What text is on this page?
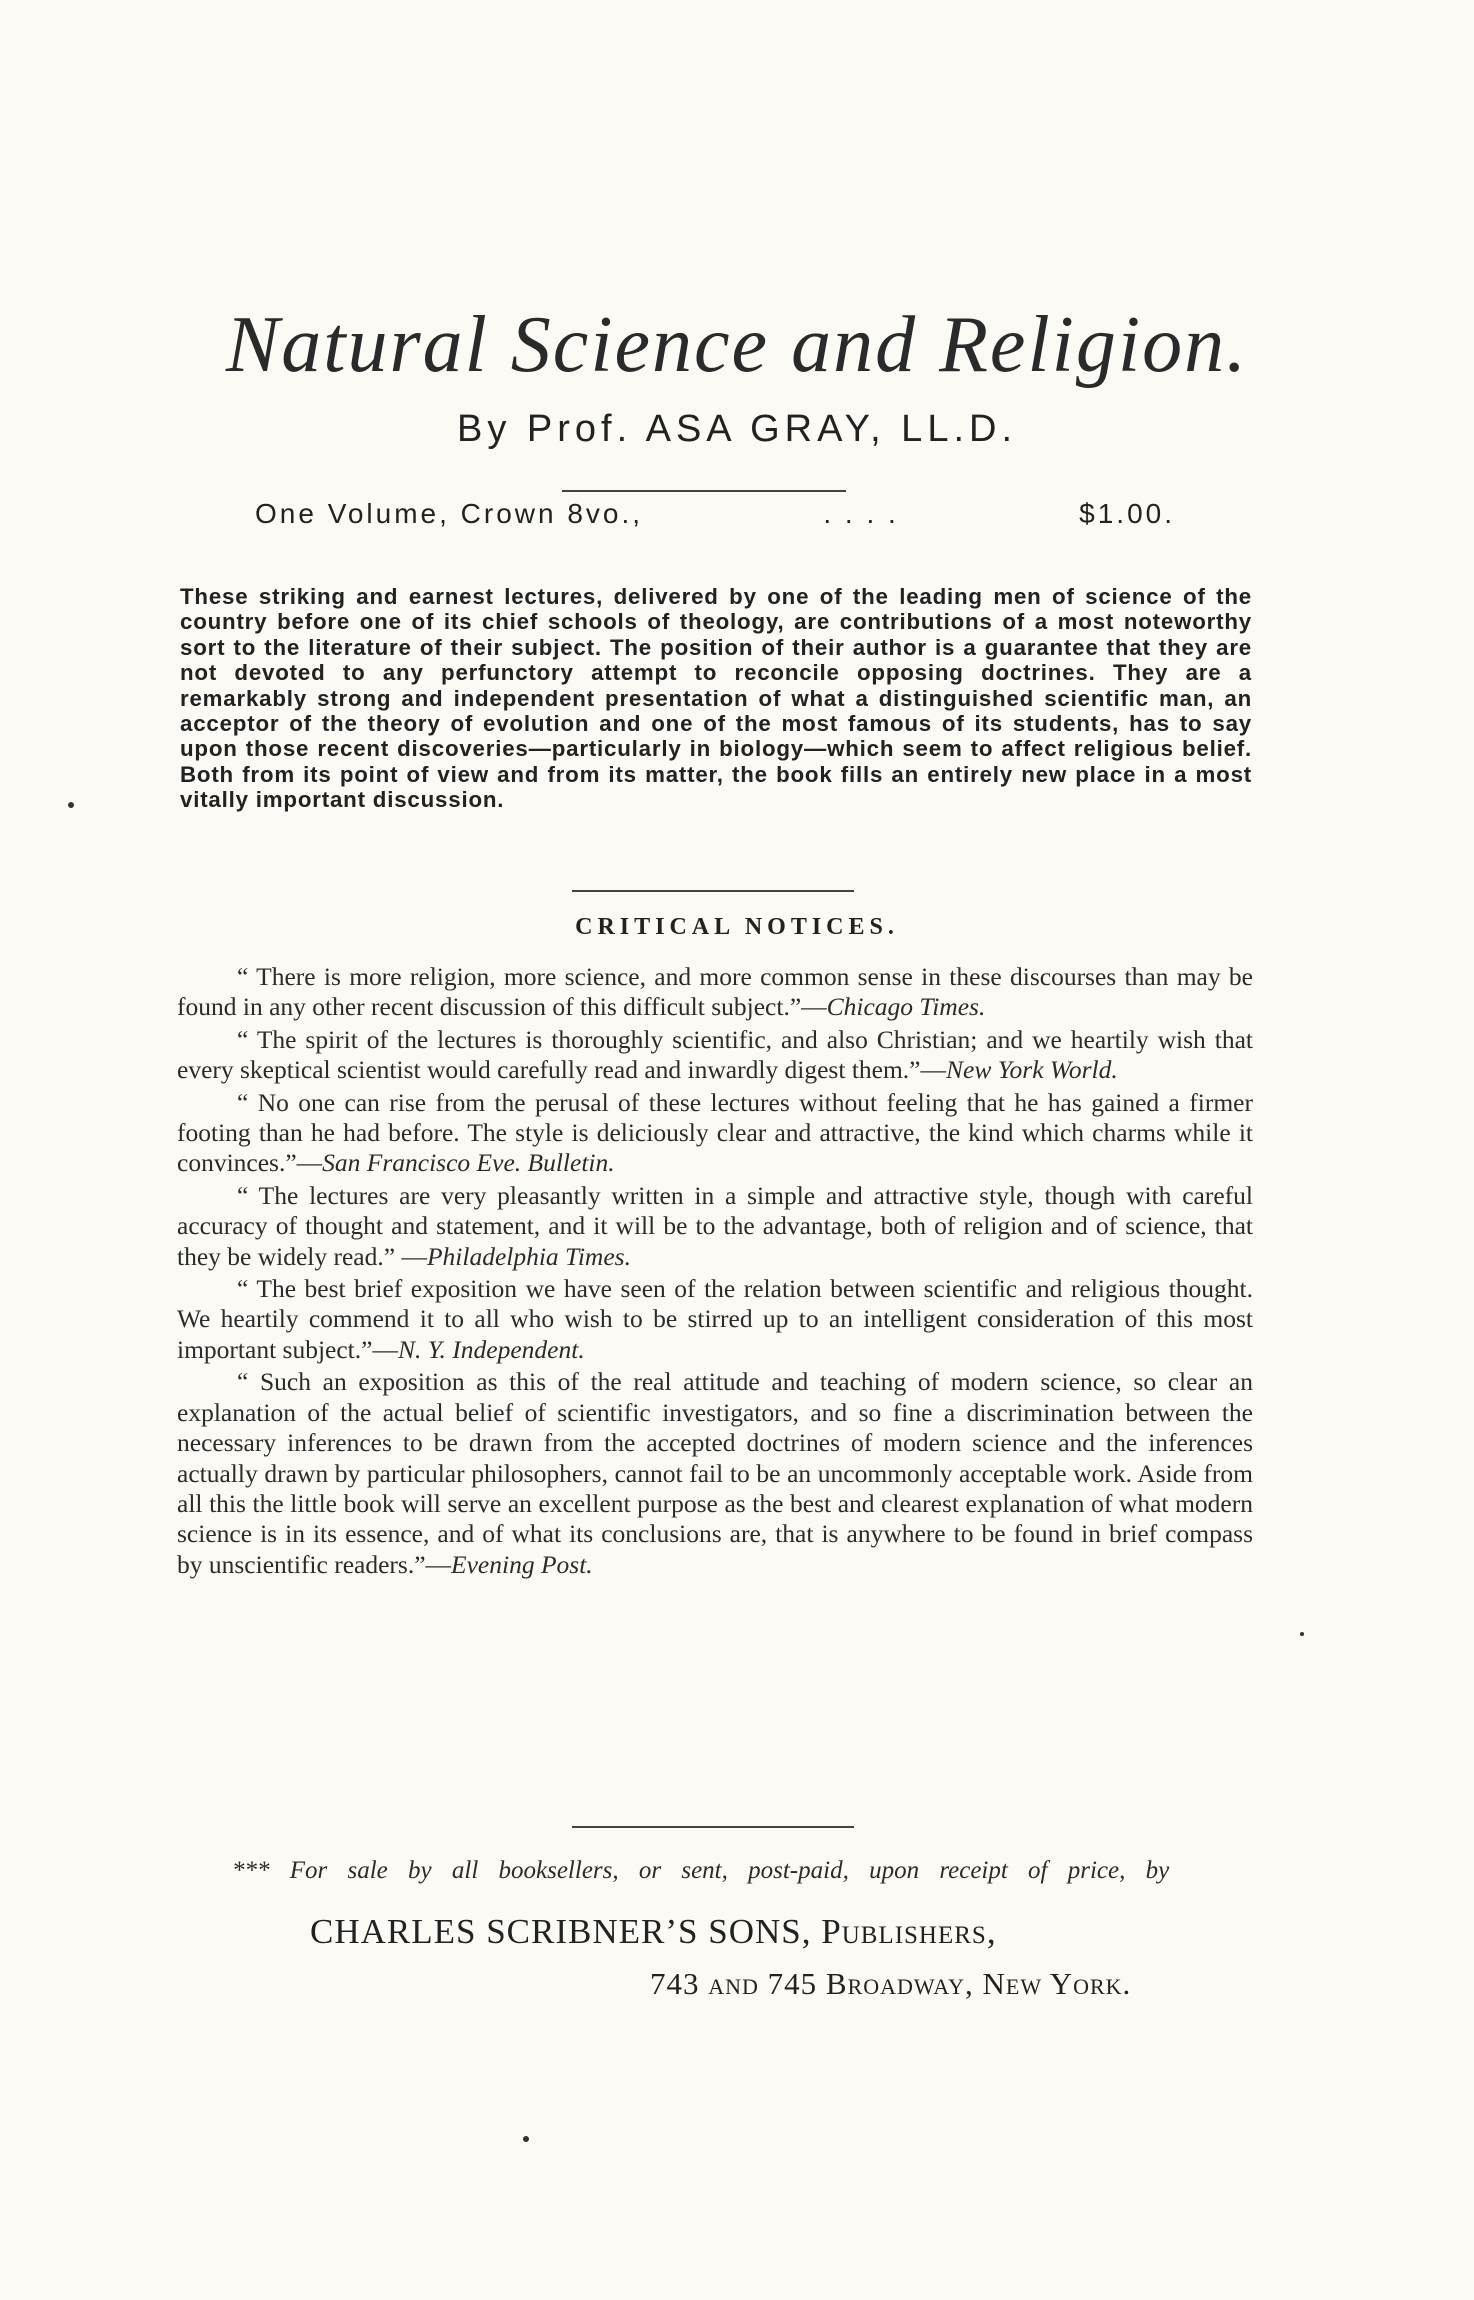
Natural Science and Religion.
By Prof. ASA GRAY, LL.D.
One Volume, Crown 8vo.,	. . . .	$1.00.

These striking and earnest lectures, delivered by one of the leading men of science of the country before one of its chief schools of theology, are contributions of a most noteworthy sort to the literature of their subject. The position of their author is a guarantee that they are not devoted to any perfunctory attempt to reconcile opposing doctrines. They are a remarkably strong and independent presentation of what a distinguished scientific man, an acceptor of the theory of evolution and one of the most famous of its students, has to say upon those recent discoveries—particularly in biology—which seem to affect religious belief. Both from its point of view and from its matter, the book fills an entirely new place in a most vitally important discussion.

CRITICAL NOTICES.

“ There is more religion, more science, and more common sense in these discourses than may be found in any other recent discussion of this difficult subject.”—Chicago Times.

“ The spirit of the lectures is thoroughly scientific, and also Christian; and we heartily wish that every skeptical scientist would carefully read and inwardly digest them.”—New York World.

“ No one can rise from the perusal of these lectures without feeling that he has gained a firmer footing than he had before. The style is deliciously clear and attractive, the kind which charms while it convinces.”—San Francisco Eve. Bulletin.

“ The lectures are very pleasantly written in a simple and attractive style, though with careful accuracy of thought and statement, and it will be to the advantage, both of religion and of science, that they be widely read.” —Philadelphia Times.

“ The best brief exposition we have seen of the relation between scientific and religious thought. We heartily commend it to all who wish to be stirred up to an intelligent consideration of this most important subject.”—N. Y. Independent.

“ Such an exposition as this of the real attitude and teaching of modern science, so clear an explanation of the actual belief of scientific investigators, and so fine a discrimination between the necessary inferences to be drawn from the accepted doctrines of modern science and the inferences actually drawn by particular philosophers, cannot fail to be an uncommonly acceptable work. Aside from all this the little book will serve an excellent purpose as the best and clearest explanation of what modern science is in its essence, and of what its conclusions are, that is anywhere to be found in brief compass by unscientific readers.”—Evening Post.

*** For sale by all booksellers, or sent, post-paid, upon receipt of price, by

CHARLES SCRIBNER’S SONS, Publishers,
743 and 745 Broadway, New York.
